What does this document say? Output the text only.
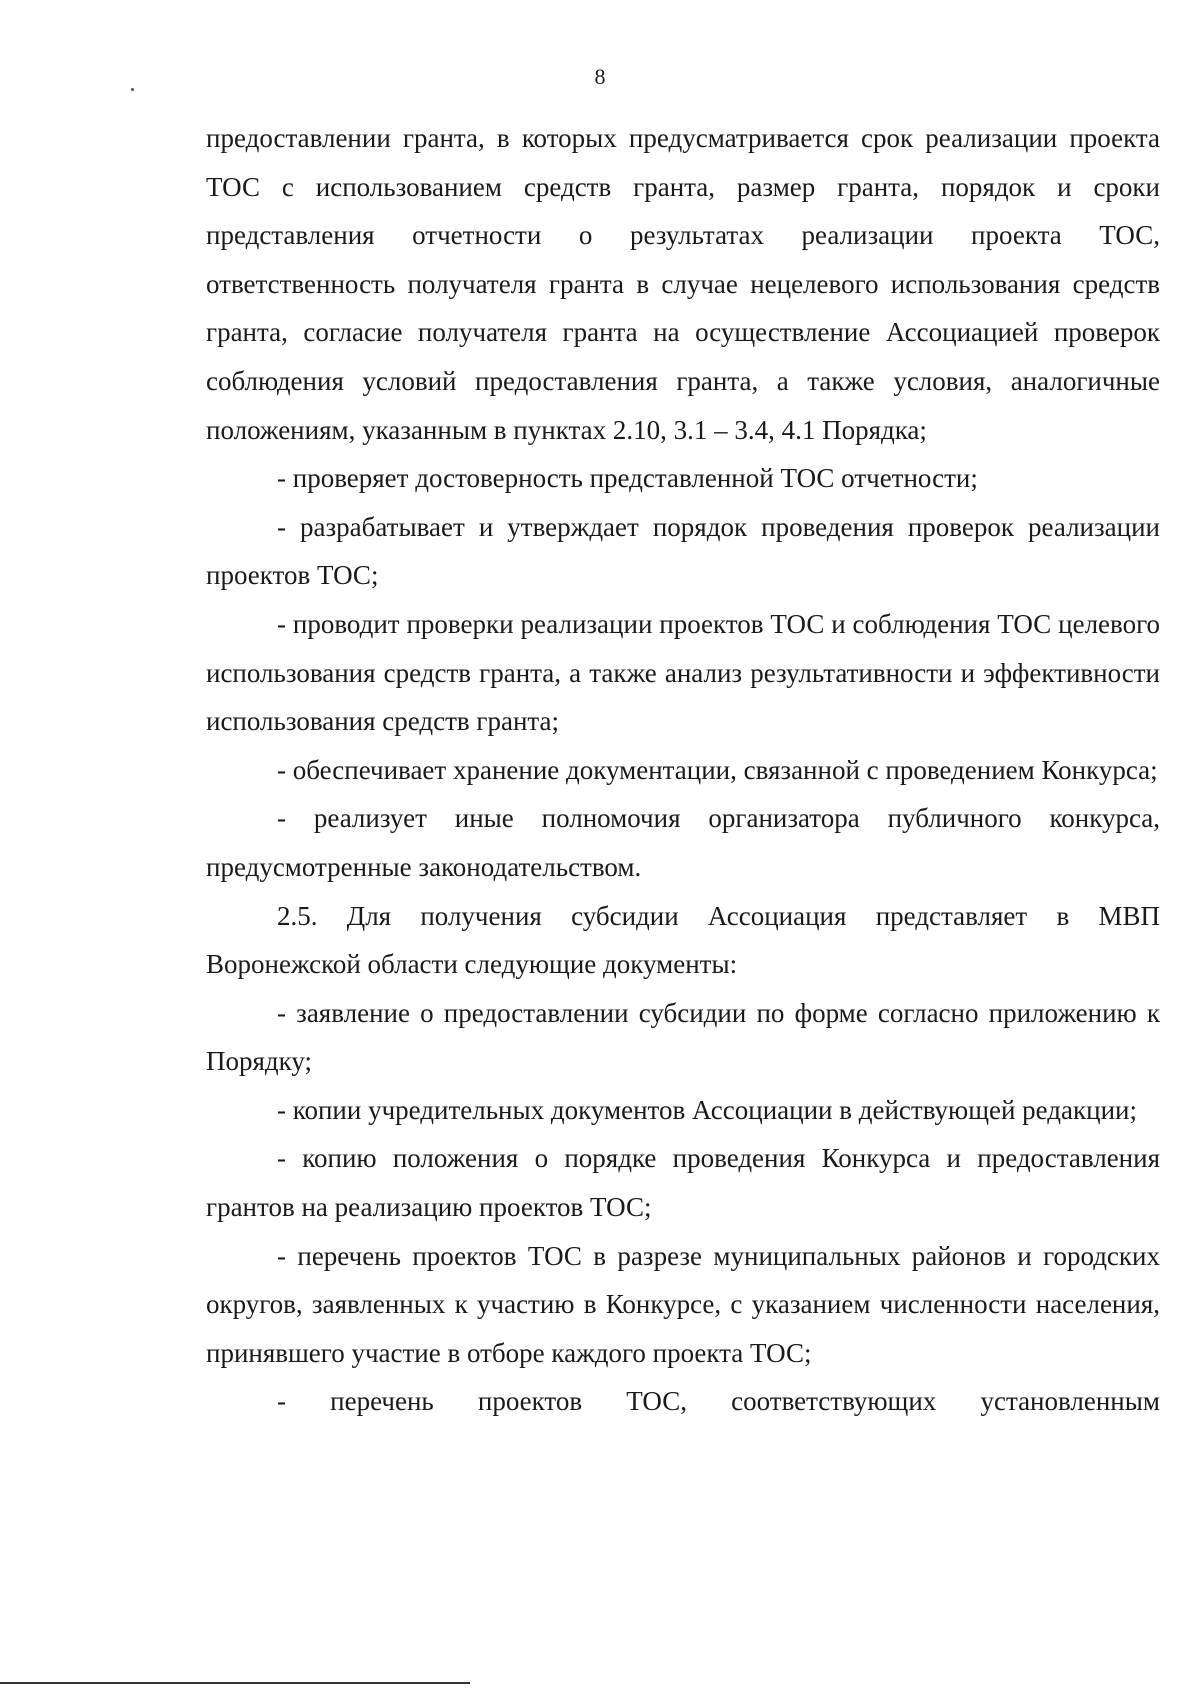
8

предоставлении гранта, в которых предусматривается срок реализации проекта ТОС с использованием средств гранта, размер гранта, порядок и сроки представления отчетности о результатах реализации проекта ТОС, ответственность получателя гранта в случае нецелевого использования средств гранта, согласие получателя гранта на осуществление Ассоциацией проверок соблюдения условий предоставления гранта, а также условия, аналогичные положениям, указанным в пунктах 2.10, 3.1 – 3.4, 4.1 Порядка;

- проверяет достоверность представленной ТОС отчетности;

- разрабатывает и утверждает порядок проведения проверок реализации проектов ТОС;

- проводит проверки реализации проектов ТОС и соблюдения ТОС целевого использования средств гранта, а также анализ результативности и эффективности использования средств гранта;

- обеспечивает хранение документации, связанной с проведением Конкурса;

- реализует иные полномочия организатора публичного конкурса, предусмотренные законодательством.

2.5. Для получения субсидии Ассоциация представляет в МВП Воронежской области следующие документы:

- заявление о предоставлении субсидии по форме согласно приложению к Порядку;

- копии учредительных документов Ассоциации в действующей редакции;

- копию положения о порядке проведения Конкурса и предоставления грантов на реализацию проектов ТОС;

- перечень проектов ТОС в разрезе муниципальных районов и городских округов, заявленных к участию в Конкурсе, с указанием численности населения, принявшего участие в отборе каждого проекта ТОС;

- перечень проектов ТОС, соответствующих установленным
